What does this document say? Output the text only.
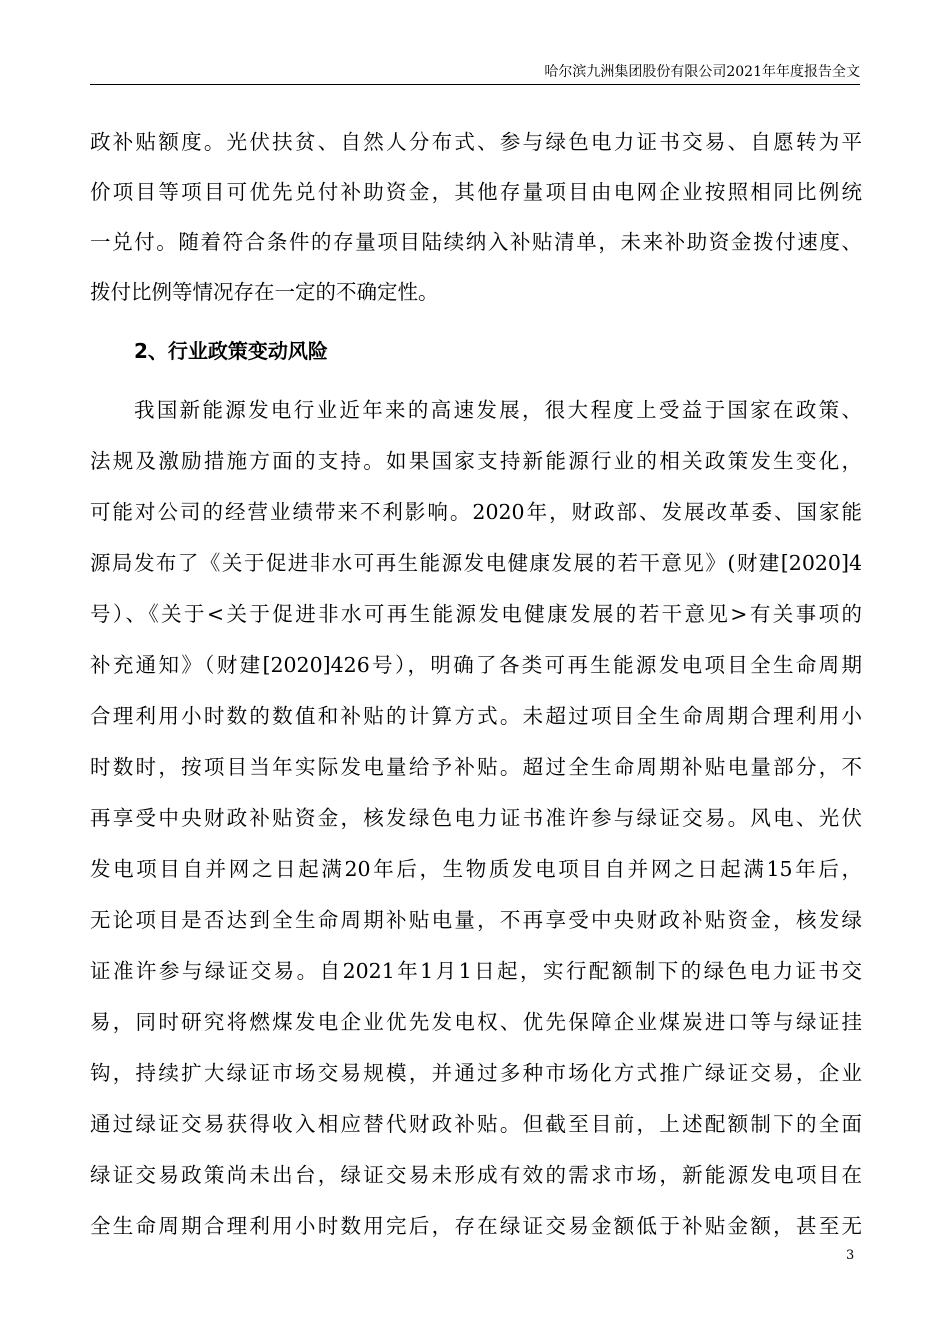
哈尔滨九洲集团股份有限公司2021年年度报告全文
政补贴额度。光伏扶贫、自然人分布式、参与绿色电力证书交易、自愿转为平
价项目等项目可优先兑付补助资金，其他存量项目由电网企业按照相同比例统
一兑付。随着符合条件的存量项目陆续纳入补贴清单，未来补助资金拨付速度、
拨付比例等情况存在一定的不确定性。
2、行业政策变动风险
我国新能源发电行业近年来的高速发展，很大程度上受益于国家在政策、
法规及激励措施方面的支持。如果国家支持新能源行业的相关政策发生变化，
可能对公司的经营业绩带来不利影响。2020年，财政部、发展改革委、国家能
源局发布了《关于促进非水可再生能源发电健康发展的若干意见》(财建[2020]4
号）、《关于<关于促进非水可再生能源发电健康发展的若干意见>有关事项的
补充通知》（财建[2020]426号），明确了各类可再生能源发电项目全生命周期
合理利用小时数的数值和补贴的计算方式。未超过项目全生命周期合理利用小
时数时，按项目当年实际发电量给予补贴。超过全生命周期补贴电量部分，不
再享受中央财政补贴资金，核发绿色电力证书准许参与绿证交易。风电、光伏
发电项目自并网之日起满20年后，生物质发电项目自并网之日起满15年后，
无论项目是否达到全生命周期补贴电量，不再享受中央财政补贴资金，核发绿
证准许参与绿证交易。自2021年1月1日起，实行配额制下的绿色电力证书交
易，同时研究将燃煤发电企业优先发电权、优先保障企业煤炭进口等与绿证挂
钩，持续扩大绿证市场交易规模，并通过多种市场化方式推广绿证交易，企业
通过绿证交易获得收入相应替代财政补贴。但截至目前，上述配额制下的全面
绿证交易政策尚未出台，绿证交易未形成有效的需求市场，新能源发电项目在
全生命周期合理利用小时数用完后，存在绿证交易金额低于补贴金额，甚至无
3
